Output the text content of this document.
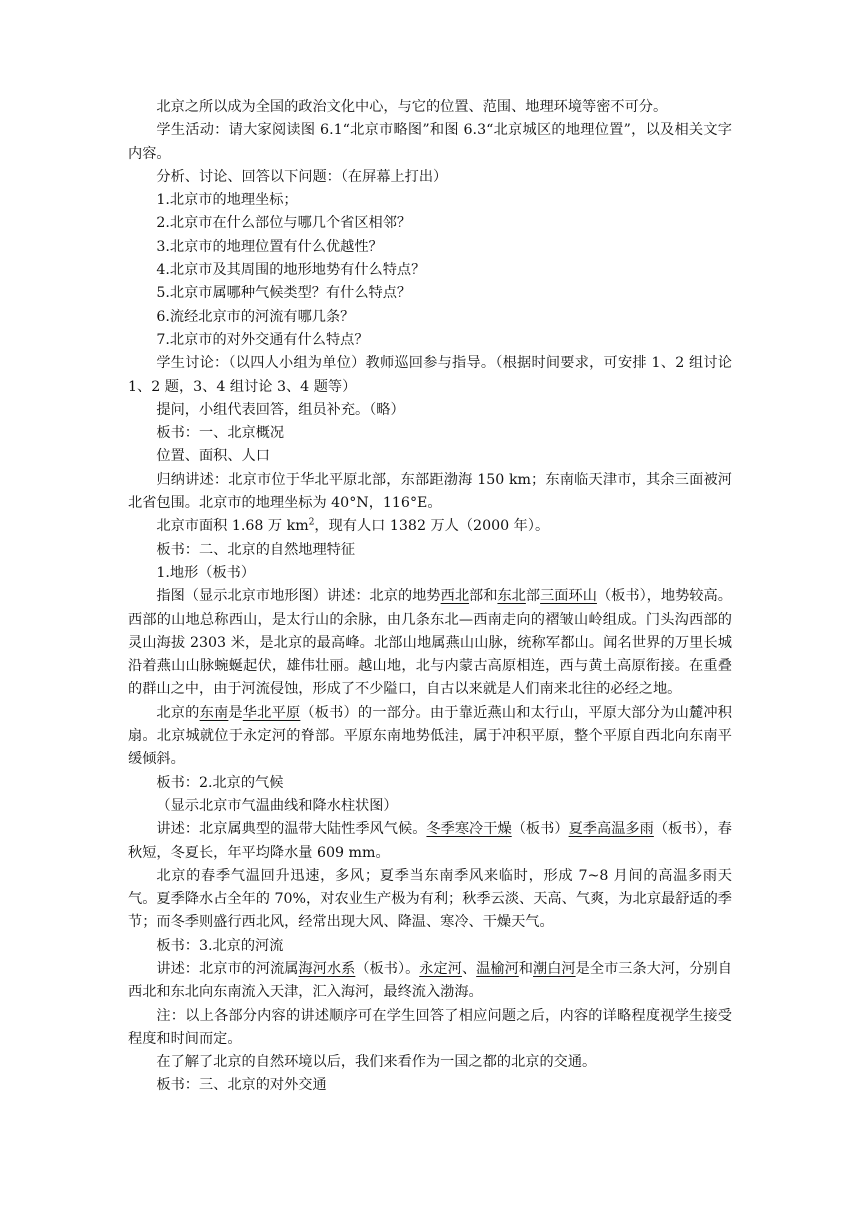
北京之所以成为全国的政治文化中心，与它的位置、范围、地理环境等密不可分。

学生活动：请大家阅读图 6.1“北京市略图”和图 6.3“北京城区的地理位置”，以及相关文字内容。

分析、讨论、回答以下问题：（在屏幕上打出）

1.北京市的地理坐标；

2.北京市在什么部位与哪几个省区相邻？

3.北京市的地理位置有什么优越性？

4.北京市及其周围的地形地势有什么特点？

5.北京市属哪种气候类型？有什么特点？

6.流经北京市的河流有哪几条？

7.北京市的对外交通有什么特点？

学生讨论：（以四人小组为单位）教师巡回参与指导。（根据时间要求，可安排 1、2 组讨论 1、2 题，3、4 组讨论 3、4 题等）

提问，小组代表回答，组员补充。（略）

板书：一、北京概况

位置、面积、人口

归纳讲述：北京市位于华北平原北部，东部距渤海 150 km；东南临天津市，其余三面被河北省包围。北京市的地理坐标为 40°N，116°E。

北京市面积 1.68 万 $km^2$，现有人口 1382 万人（2000 年）。

板书：二、北京的自然地理特征

1.地形（板书）

指图（显示北京市地形图）讲述：北京的地势西北部和东北部三面环山（板书），地势较高。西部的山地总称西山，是太行山的余脉，由几条东北—西南走向的褶皱山岭组成。门头沟西部的灵山海拔 2303 米，是北京的最高峰。北部山地属燕山山脉，统称军都山。闻名世界的万里长城沿着燕山山脉蜿蜒起伏，雄伟壮丽。越山地，北与内蒙古高原相连，西与黄土高原衔接。在重叠的群山之中，由于河流侵蚀，形成了不少隘口，自古以来就是人们南来北往的必经之地。

北京的东南是华北平原（板书）的一部分。由于靠近燕山和太行山，平原大部分为山麓冲积扇。北京城就位于永定河的脊部。平原东南地势低洼，属于冲积平原，整个平原自西北向东南平缓倾斜。

板书：2.北京的气候

（显示北京市气温曲线和降水柱状图）

讲述：北京属典型的温带大陆性季风气候。冬季寒冷干燥（板书）夏季高温多雨（板书），春秋短，冬夏长，年平均降水量 609 mm。

北京的春季气温回升迅速，多风；夏季当东南季风来临时，形成 7~8 月间的高温多雨天气。夏季降水占全年的 70%，对农业生产极为有利；秋季云淡、天高、气爽，为北京最舒适的季节；而冬季则盛行西北风，经常出现大风、降温、寒冷、干燥天气。

板书：3.北京的河流

讲述：北京市的河流属海河水系（板书）。永定河、温榆河和潮白河是全市三条大河，分别自西北和东北向东南流入天津，汇入海河，最终流入渤海。

注：以上各部分内容的讲述顺序可在学生回答了相应问题之后，内容的详略程度视学生接受程度和时间而定。

在了解了北京的自然环境以后，我们来看作为一国之都的北京的交通。

板书：三、北京的对外交通
